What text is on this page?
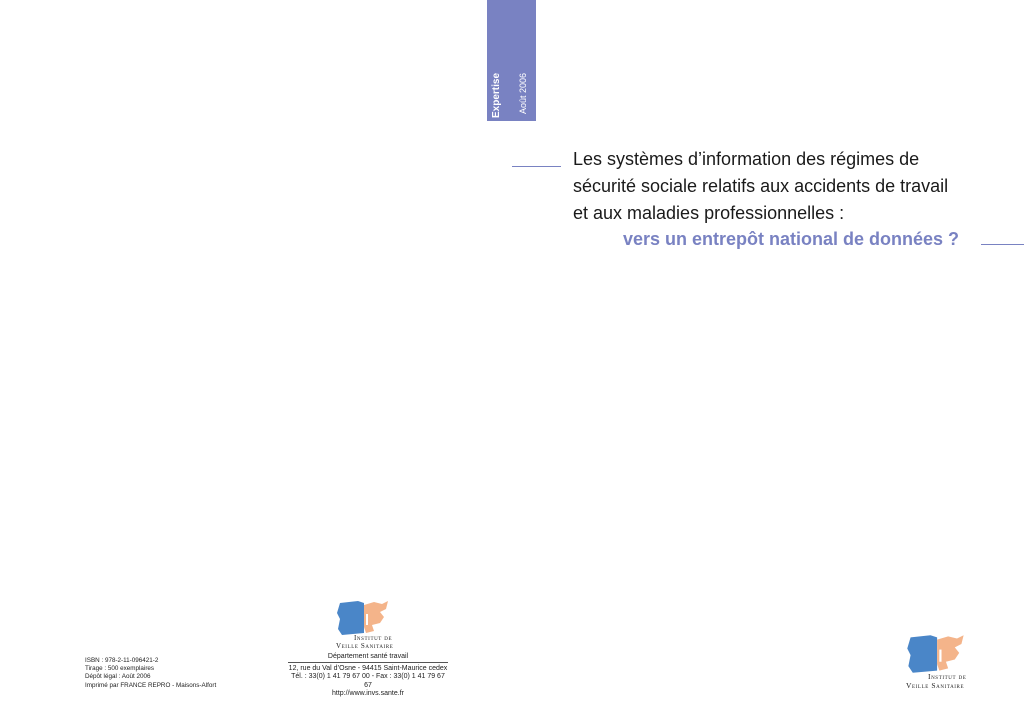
Expertise Août 2006
Les systèmes d’information des régimes de
sécurité sociale relatifs aux accidents de travail
et aux maladies professionnelles :
vers un entrepôt national de données ?
ISBN : 978-2-11-096421-2
Tirage : 500 exemplaires
Dépôt légal : Août 2006
Imprimé par FRANCE REPRO - Maisons-Alfort
Institut de
Veille Sanitaire
Département santé travail
12, rue du Val d’Osne - 94415 Saint-Maurice cedex
Tél. : 33(0) 1 41 79 67 00 - Fax : 33(0) 1 41 79 67 67
http://www.invs.sante.fr
Institut de
Veille Sanitaire
